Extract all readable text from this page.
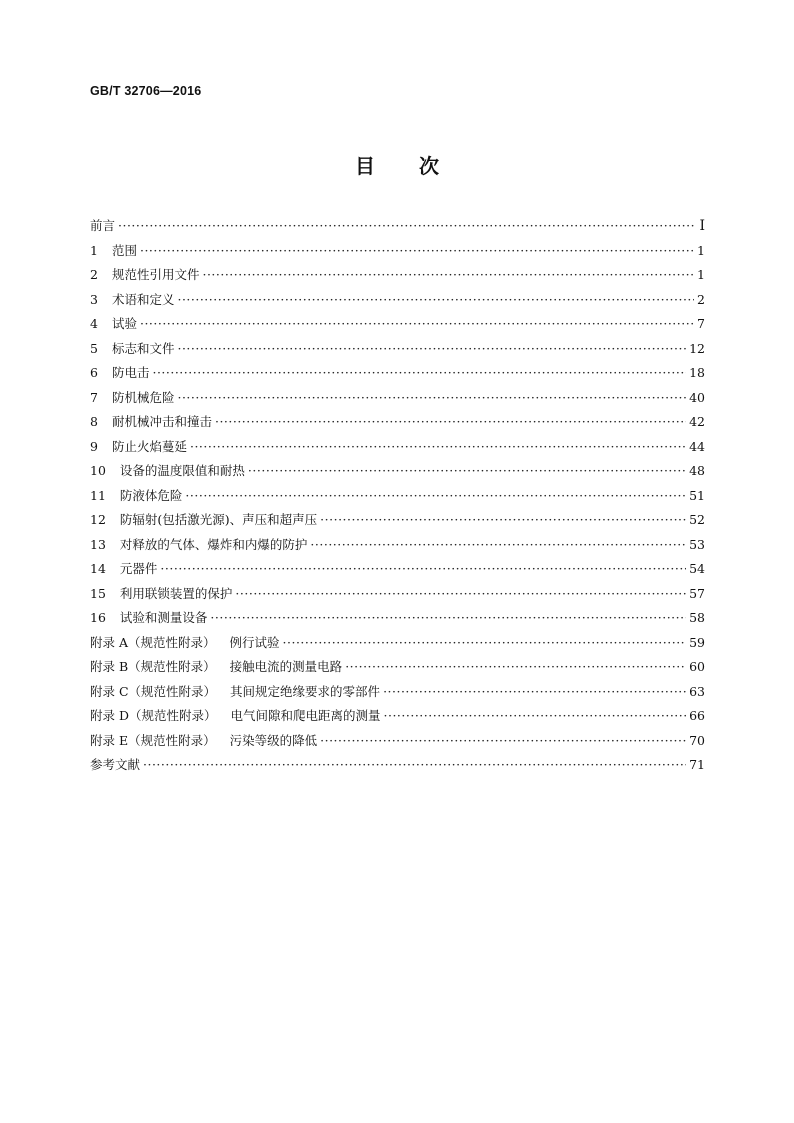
GB/T 32706—2016
目 次
前言 ·····	Ⅰ
1 范围 ·····	1
2 规范性引用文件 ·····	1
3 术语和定义 ·····	2
4 试验 ·····	7
5 标志和文件 ·····	12
6 防电击 ·····	18
7 防机械危险 ·····	40
8 耐机械冲击和撞击 ·····	42
9 防止火焰蔓延 ·····	44
10 设备的温度限值和耐热 ·····	48
11 防液体危险 ·····	51
12 防辐射(包括激光源)、声压和超声压 ·····	52
13 对释放的气体、爆炸和内爆的防护 ·····	53
14 元器件 ·····	54
15 利用联锁装置的保护 ·····	57
16 试验和测量设备 ·····	58
附录 A（规范性附录） 例行试验 ·····	59
附录 B（规范性附录） 接触电流的测量电路 ·····	60
附录 C（规范性附录） 其间规定绝缘要求的零部件 ·····	63
附录 D（规范性附录） 电气间隙和爬电距离的测量 ·····	66
附录 E（规范性附录） 污染等级的降低 ·····	70
参考文献 ·····	71
